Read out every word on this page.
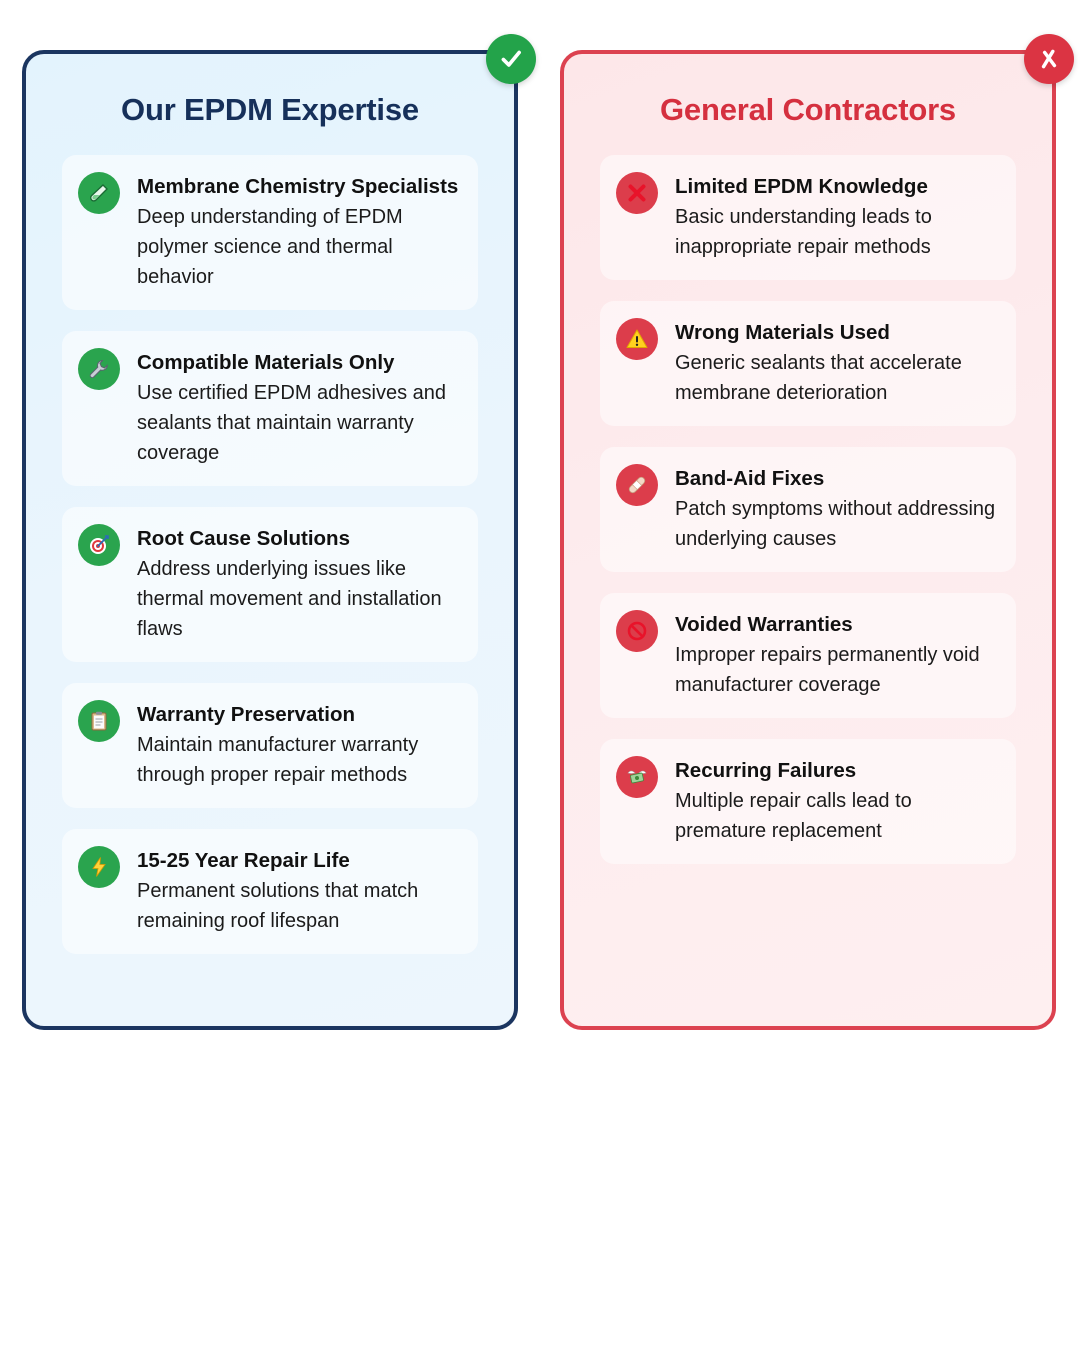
Our EPDM Expertise
Membrane Chemistry Specialists
Deep understanding of EPDM polymer science and thermal behavior
Compatible Materials Only
Use certified EPDM adhesives and sealants that maintain warranty coverage
Root Cause Solutions
Address underlying issues like thermal movement and installation flaws
Warranty Preservation
Maintain manufacturer warranty through proper repair methods
15-25 Year Repair Life
Permanent solutions that match remaining roof lifespan
General Contractors
Limited EPDM Knowledge
Basic understanding leads to inappropriate repair methods
Wrong Materials Used
Generic sealants that accelerate membrane deterioration
Band-Aid Fixes
Patch symptoms without addressing underlying causes
Voided Warranties
Improper repairs permanently void manufacturer coverage
Recurring Failures
Multiple repair calls lead to premature replacement
